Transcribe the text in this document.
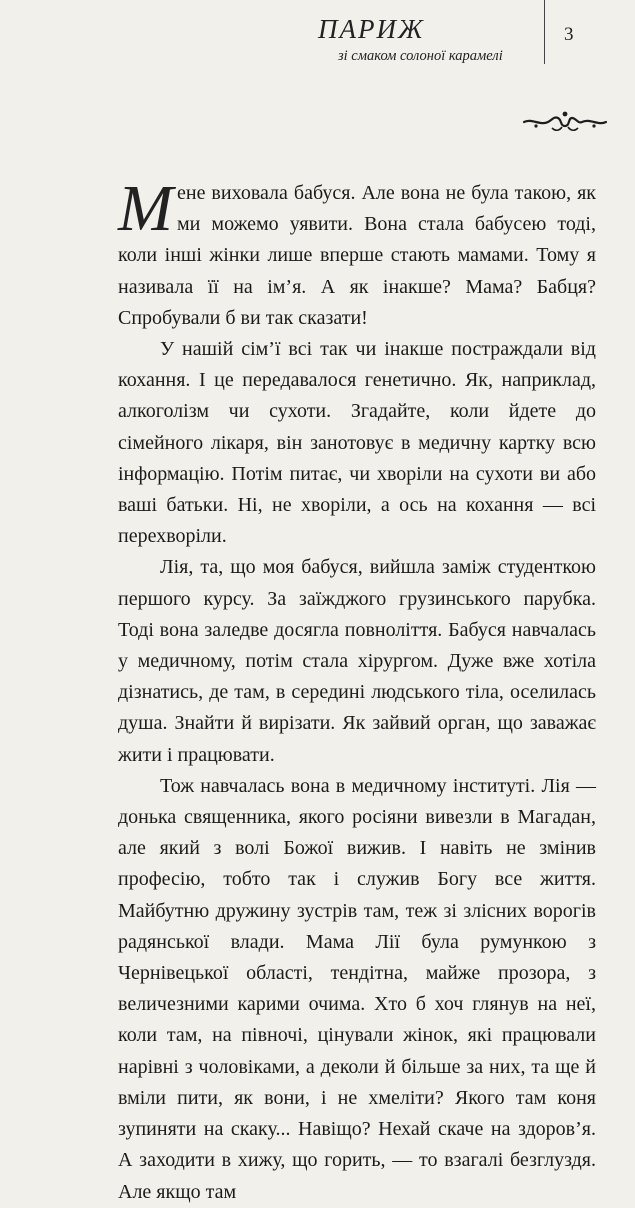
ПАРИЖ
зі смаком солоної карамелі
3

Мене виховала бабуся. Але вона не була такою, як ми можемо уявити. Вона стала бабусею тоді, коли інші жінки лише вперше стають мамами. Тому я називала її на ім’я. А як інакше? Мама? Бабця? Спробували б ви так сказати!

У нашій сім’ї всі так чи інакше постраждали від кохання. І це передавалося генетично. Як, наприклад, алкоголізм чи сухоти. Згадайте, коли йдете до сімейного лікаря, він занотовує в медичну картку всю інформацію. Потім питає, чи хворіли на сухоти ви або ваші батьки. Ні, не хворіли, а ось на кохання — всі перехворіли.

Лія, та, що моя бабуся, вийшла заміж студенткою першого курсу. За заїжджого грузинського парубка. Тоді вона заледве досягла повноліття. Бабуся навчалась у медичному, потім стала хірургом. Дуже вже хотіла дізнатись, де там, в середині людського тіла, оселилась душа. Знайти й вирізати. Як зайвий орган, що заважає жити і працювати.

Тож навчалась вона в медичному інституті. Лія — донька священника, якого росіяни вивезли в Магадан, але який з волі Божої вижив. І навіть не змінив професію, тобто так і служив Богу все життя. Майбутню дружину зустрів там, теж зі злісних ворогів радянської влади. Мама Лії була румункою з Чернівецької області, тендітна, майже прозора, з величезними карими очима. Хто б хоч глянув на неї, коли там, на півночі, цінували жінок, які працювали нарівні з чоловіками, а деколи й більше за них, та ще й вміли пити, як вони, і не хмеліти? Якого там коня зупиняти на скаку... Навіщо? Нехай скаче на здоров’я. А заходити в хижу, що горить, — то взагалі безглуздя. Але якщо там
